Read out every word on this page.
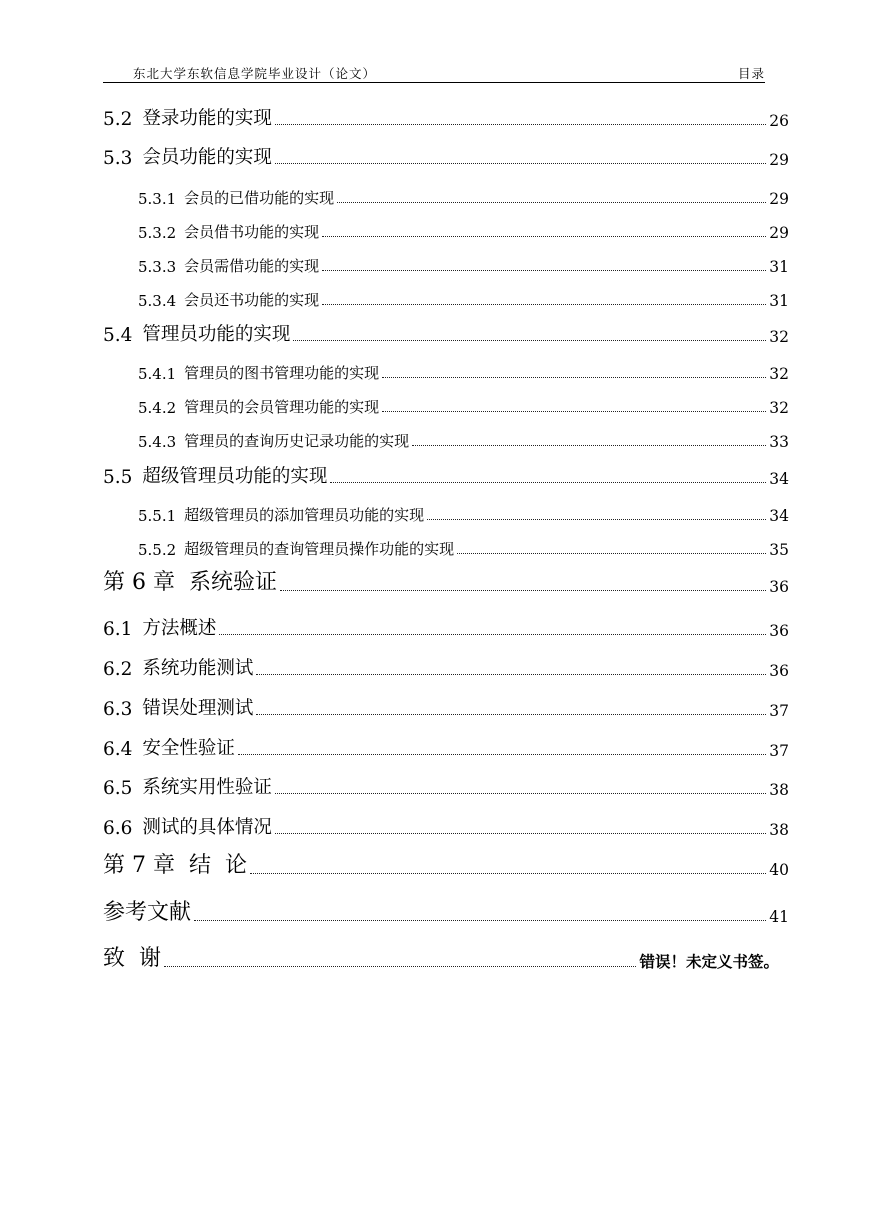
东北大学东软信息学院毕业设计（论文）	目录
5.2 登录功能的实现	26
5.3 会员功能的实现	29
5.3.1 会员的已借功能的实现	29
5.3.2 会员借书功能的实现	29
5.3.3 会员需借功能的实现	31
5.3.4 会员还书功能的实现	31
5.4 管理员功能的实现	32
5.4.1 管理员的图书管理功能的实现	32
5.4.2 管理员的会员管理功能的实现	32
5.4.3 管理员的查询历史记录功能的实现	33
5.5 超级管理员功能的实现	34
5.5.1 超级管理员的添加管理员功能的实现	34
5.5.2 超级管理员的查询管理员操作功能的实现	35
第 6 章  系统验证	36
6.1 方法概述	36
6.2 系统功能测试	36
6.3 错误处理测试	37
6.4 安全性验证	37
6.5 系统实用性验证	38
6.6 测试的具体情况	38
第 7 章  结  论	40
参考文献	41
致  谢	错误！未定义书签。
